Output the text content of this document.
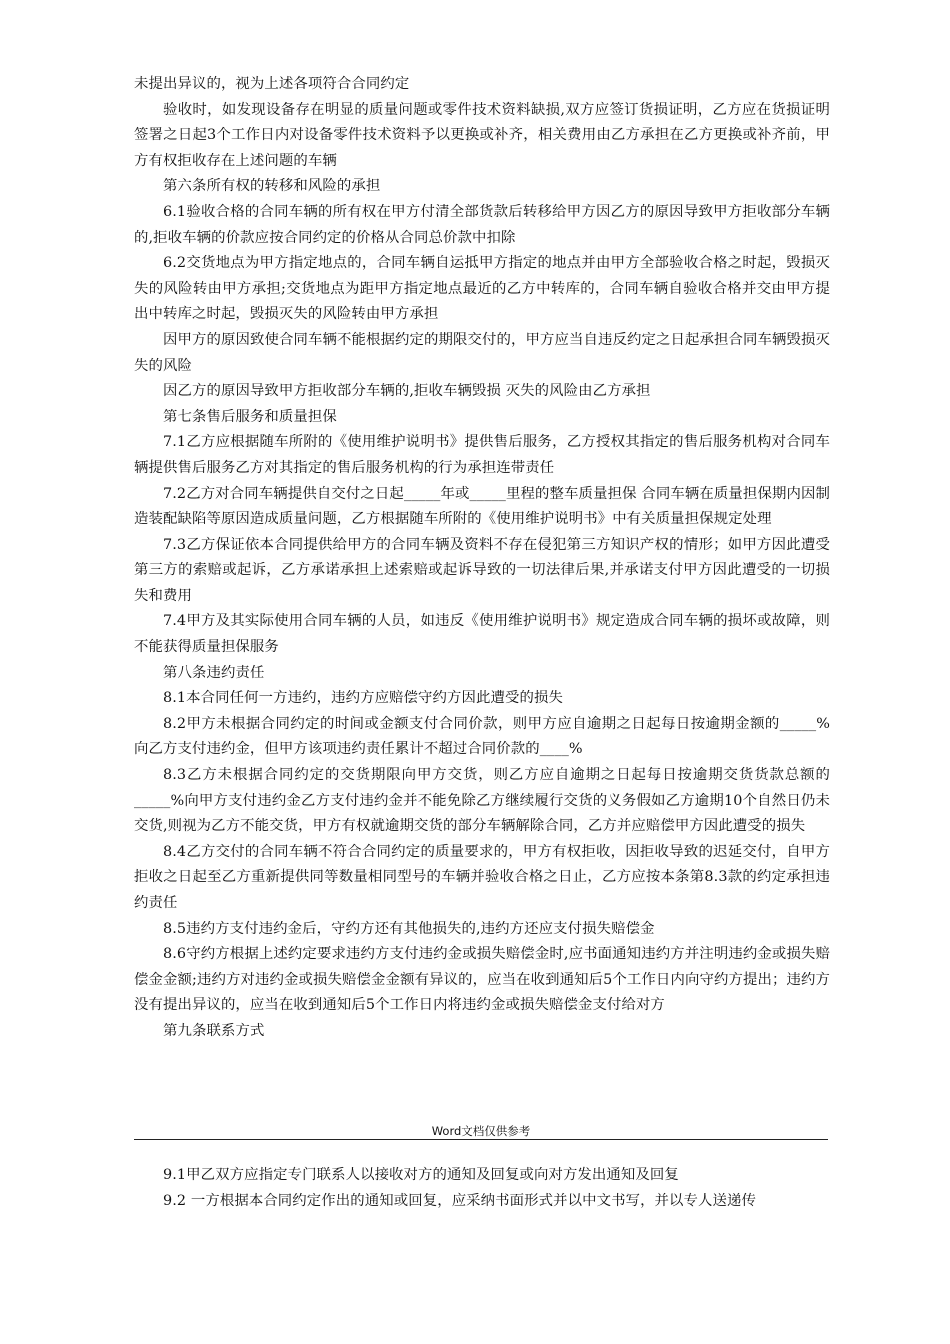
未提出异议的，视为上述各项符合合同约定

验收时，如发现设备存在明显的质量问题或零件技术资料缺损,双方应签订货损证明，乙方应在货损证明签署之日起3个工作日内对设备零件技术资料予以更换或补齐，相关费用由乙方承担在乙方更换或补齐前，甲方有权拒收存在上述问题的车辆

第六条所有权的转移和风险的承担

6.1验收合格的合同车辆的所有权在甲方付清全部货款后转移给甲方因乙方的原因导致甲方拒收部分车辆的,拒收车辆的价款应按合同约定的价格从合同总价款中扣除

6.2交货地点为甲方指定地点的，合同车辆自运抵甲方指定的地点并由甲方全部验收合格之时起，毁损灭失的风险转由甲方承担;交货地点为距甲方指定地点最近的乙方中转库的，合同车辆自验收合格并交由甲方提出中转库之时起，毁损灭失的风险转由甲方承担

因甲方的原因致使合同车辆不能根据约定的期限交付的，甲方应当自违反约定之日起承担合同车辆毁损灭失的风险

因乙方的原因导致甲方拒收部分车辆的,拒收车辆毁损 灭失的风险由乙方承担

第七条售后服务和质量担保

7.1乙方应根据随车所附的《使用维护说明书》提供售后服务，乙方授权其指定的售后服务机构对合同车辆提供售后服务乙方对其指定的售后服务机构的行为承担连带责任

7.2乙方对合同车辆提供自交付之日起_____年或_____里程的整车质量担保 合同车辆在质量担保期内因制造装配缺陷等原因造成质量问题，乙方根据随车所附的《使用维护说明书》中有关质量担保规定处理

7.3乙方保证依本合同提供给甲方的合同车辆及资料不存在侵犯第三方知识产权的情形；如甲方因此遭受第三方的索赔或起诉，乙方承诺承担上述索赔或起诉导致的一切法律后果,并承诺支付甲方因此遭受的一切损失和费用

7.4甲方及其实际使用合同车辆的人员，如违反《使用维护说明书》规定造成合同车辆的损坏或故障，则不能获得质量担保服务

第八条违约责任

8.1本合同任何一方违约，违约方应赔偿守约方因此遭受的损失

8.2甲方未根据合同约定的时间或金额支付合同价款，则甲方应自逾期之日起每日按逾期金额的_____%向乙方支付违约金，但甲方该项违约责任累计不超过合同价款的____%

8.3乙方未根据合同约定的交货期限向甲方交货，则乙方应自逾期之日起每日按逾期交货货款总额的_____%向甲方支付违约金乙方支付违约金并不能免除乙方继续履行交货的义务假如乙方逾期10个自然日仍未交货,则视为乙方不能交货，甲方有权就逾期交货的部分车辆解除合同，乙方并应赔偿甲方因此遭受的损失

8.4乙方交付的合同车辆不符合合同约定的质量要求的，甲方有权拒收，因拒收导致的迟延交付，自甲方拒收之日起至乙方重新提供同等数量相同型号的车辆并验收合格之日止，乙方应按本条第8.3款的约定承担违约责任

8.5违约方支付违约金后，守约方还有其他损失的,违约方还应支付损失赔偿金

8.6守约方根据上述约定要求违约方支付违约金或损失赔偿金时,应书面通知违约方并注明违约金或损失赔偿金金额;违约方对违约金或损失赔偿金金额有异议的，应当在收到通知后5个工作日内向守约方提出；违约方没有提出异议的，应当在收到通知后5个工作日内将违约金或损失赔偿金支付给对方

第九条联系方式

Word文档仅供参考

9.1甲乙双方应指定专门联系人以接收对方的通知及回复或向对方发出通知及回复

9.2 一方根据本合同约定作出的通知或回复，应采纳书面形式并以中文书写，并以专人送递传
